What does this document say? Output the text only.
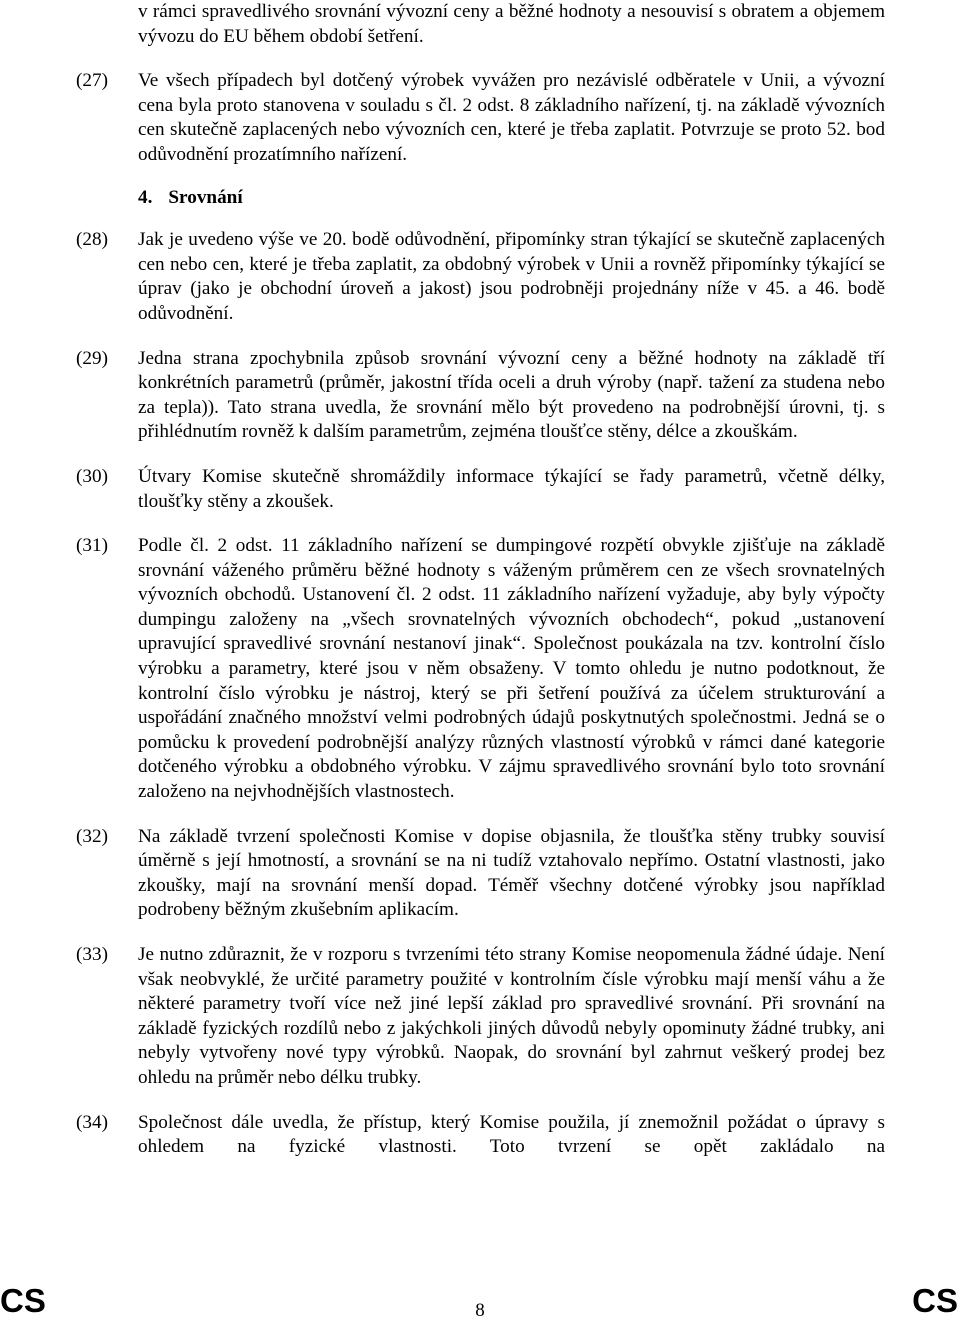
v rámci spravedlivého srovnání vývozní ceny a běžné hodnoty a nesouvisí s obratem a objemem vývozu do EU během období šetření.

(27) Ve všech případech byl dotčený výrobek vyvážen pro nezávislé odběratele v Unii, a vývozní cena byla proto stanovena v souladu s čl. 2 odst. 8 základního nařízení, tj. na základě vývozních cen skutečně zaplacených nebo vývozních cen, které je třeba zaplatit. Potvrzuje se proto 52. bod odůvodnění prozatímního nařízení.

4. Srovnání

(28) Jak je uvedeno výše ve 20. bodě odůvodnění, připomínky stran týkající se skutečně zaplacených cen nebo cen, které je třeba zaplatit, za obdobný výrobek v Unii a rovněž připomínky týkající se úprav (jako je obchodní úroveň a jakost) jsou podrobněji projednány níže v 45. a 46. bodě odůvodnění.

(29) Jedna strana zpochybnila způsob srovnání vývozní ceny a běžné hodnoty na základě tří konkrétních parametrů (průměr, jakostní třída oceli a druh výroby (např. tažení za studena nebo za tepla)). Tato strana uvedla, že srovnání mělo být provedeno na podrobnější úrovni, tj. s přihlédnutím rovněž k dalším parametrům, zejména tloušťce stěny, délce a zkouškám.

(30) Útvary Komise skutečně shromáždily informace týkající se řady parametrů, včetně délky, tloušťky stěny a zkoušek.

(31) Podle čl. 2 odst. 11 základního nařízení se dumpingové rozpětí obvykle zjišťuje na základě srovnání váženého průměru běžné hodnoty s váženým průměrem cen ze všech srovnatelných vývozních obchodů. Ustanovení čl. 2 odst. 11 základního nařízení vyžaduje, aby byly výpočty dumpingu založeny na „všech srovnatelných vývozních obchodech“, pokud „ustanovení upravující spravedlivé srovnání nestanoví jinak“. Společnost poukázala na tzv. kontrolní číslo výrobku a parametry, které jsou v něm obsaženy. V tomto ohledu je nutno podotknout, že kontrolní číslo výrobku je nástroj, který se při šetření používá za účelem strukturování a uspořádání značného množství velmi podrobných údajů poskytnutých společnostmi. Jedná se o pomůcku k provedení podrobnější analýzy různých vlastností výrobků v rámci dané kategorie dotčeného výrobku a obdobného výrobku. V zájmu spravedlivého srovnání bylo toto srovnání založeno na nejvhodnějších vlastnostech.

(32) Na základě tvrzení společnosti Komise v dopise objasnila, že tloušťka stěny trubky souvisí úměrně s její hmotností, a srovnání se na ni tudíž vztahovalo nepřímo. Ostatní vlastnosti, jako zkoušky, mají na srovnání menší dopad. Téměř všechny dotčené výrobky jsou například podrobeny běžným zkušebním aplikacím.

(33) Je nutno zdůraznit, že v rozporu s tvrzeními této strany Komise neopomenula žádné údaje. Není však neobvyklé, že určité parametry použité v kontrolním čísle výrobku mají menší váhu a že některé parametry tvoří více než jiné lepší základ pro spravedlivé srovnání. Při srovnání na základě fyzických rozdílů nebo z jakýchkoli jiných důvodů nebyly opominuty žádné trubky, ani nebyly vytvořeny nové typy výrobků. Naopak, do srovnání byl zahrnut veškerý prodej bez ohledu na průměr nebo délku trubky.

(34) Společnost dále uvedla, že přístup, který Komise použila, jí znemožnil požádat o úpravy s ohledem na fyzické vlastnosti. Toto tvrzení se opět zakládalo na

CS	8	CS
